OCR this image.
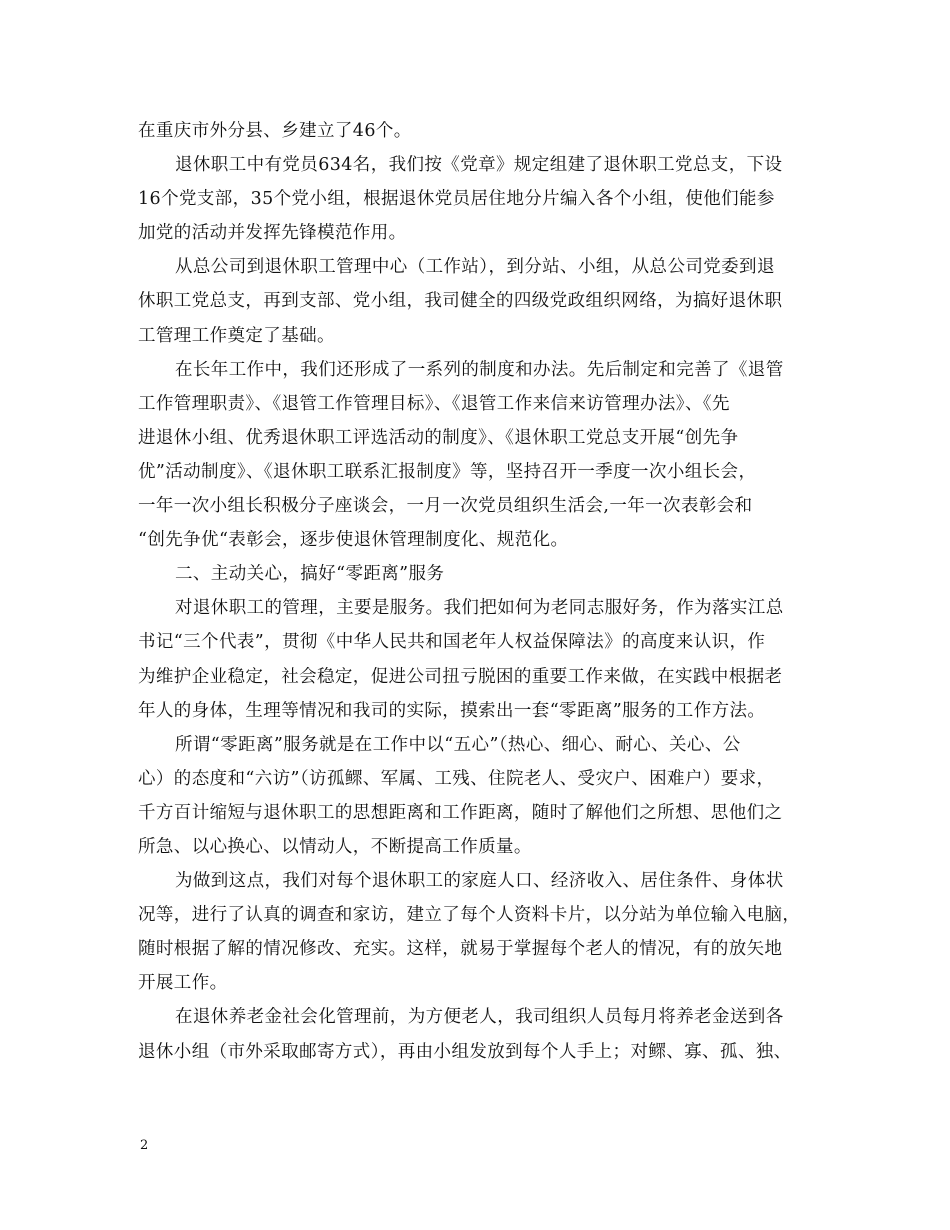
在重庆市外分县、乡建立了46个。
退休职工中有党员634名，我们按《党章》规定组建了退休职工党总支，下设
16个党支部，35个党小组，根据退休党员居住地分片编入各个小组，使他们能参
加党的活动并发挥先锋模范作用。
从总公司到退休职工管理中心（工作站），到分站、小组，从总公司党委到退
休职工党总支，再到支部、党小组，我司健全的四级党政组织网络，为搞好退休职
工管理工作奠定了基础。
在长年工作中，我们还形成了一系列的制度和办法。先后制定和完善了《退管
工作管理职责》、《退管工作管理目标》、《退管工作来信来访管理办法》、《先
进退休小组、优秀退休职工评选活动的制度》、《退休职工党总支开展“创先争
优”活动制度》、《退休职工联系汇报制度》等，坚持召开一季度一次小组长会，
一年一次小组长积极分子座谈会，一月一次党员组织生活会,一年一次表彰会和
“创先争优“表彰会，逐步使退休管理制度化、规范化。
二、主动关心，搞好“零距离”服务
对退休职工的管理，主要是服务。我们把如何为老同志服好务，作为落实江总
书记“三个代表”，贯彻《中华人民共和国老年人权益保障法》的高度来认识，作
为维护企业稳定，社会稳定，促进公司扭亏脱困的重要工作来做，在实践中根据老
年人的身体，生理等情况和我司的实际，摸索出一套“零距离”服务的工作方法。
所谓“零距离”服务就是在工作中以“五心”（热心、细心、耐心、关心、公
心）的态度和“六访”（访孤鳏、军属、工残、住院老人、受灾户、困难户）要求，
千方百计缩短与退休职工的思想距离和工作距离，随时了解他们之所想、思他们之
所急、以心换心、以情动人，不断提高工作质量。
为做到这点，我们对每个退休职工的家庭人口、经济收入、居住条件、身体状
况等，进行了认真的调查和家访，建立了每个人资料卡片，以分站为单位输入电脑，
随时根据了解的情况修改、充实。这样，就易于掌握每个老人的情况，有的放矢地
开展工作。
在退休养老金社会化管理前，为方便老人，我司组织人员每月将养老金送到各
退休小组（市外采取邮寄方式），再由小组发放到每个人手上；对鳏、寡、孤、独、
2
